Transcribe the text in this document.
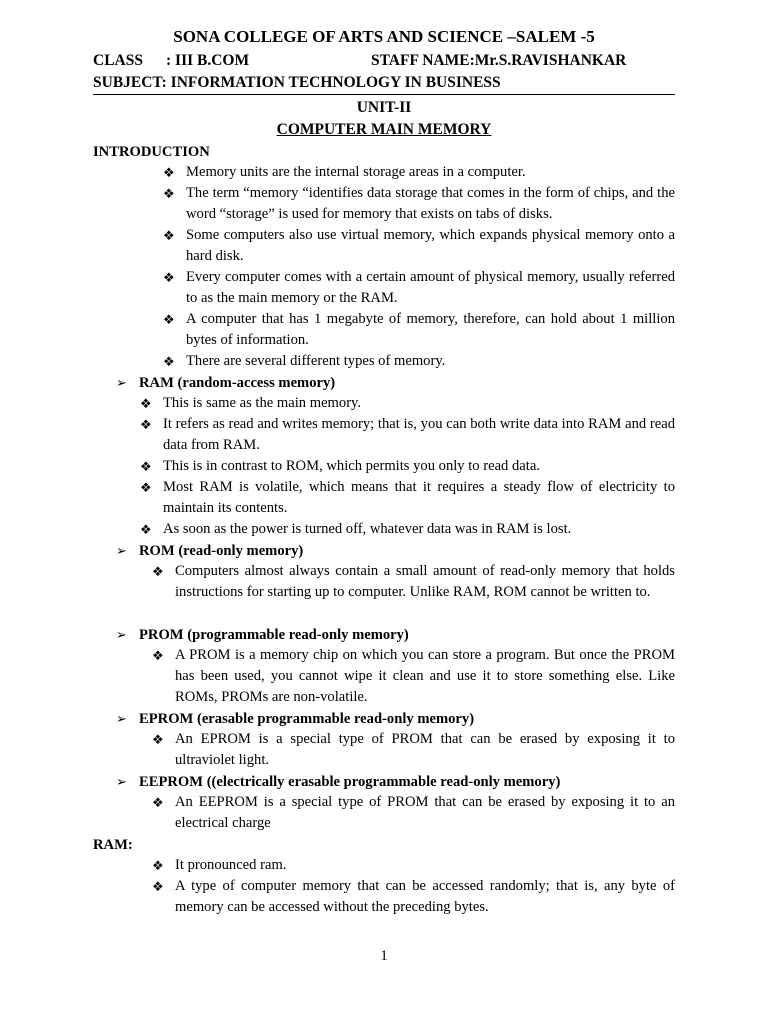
SONA COLLEGE OF ARTS AND SCIENCE –SALEM -5
CLASS : III B.COM	STAFF NAME:Mr.S.RAVISHANKAR
SUBJECT: INFORMATION TECHNOLOGY IN BUSINESS
UNIT-II
COMPUTER MAIN MEMORY
INTRODUCTION
❖ Memory units are the internal storage areas in a computer.
❖ The term “memory “identifies data storage that comes in the form of chips, and the word “storage” is used for memory that exists on tabs of disks.
❖ Some computers also use virtual memory, which expands physical memory onto a hard disk.
❖ Every computer comes with a certain amount of physical memory, usually referred to as the main memory or the RAM.
❖ A computer that has 1 megabyte of memory, therefore, can hold about 1 million bytes of information.
❖ There are several different types of memory.
➢ RAM (random-access memory)
❖ This is same as the main memory.
❖ It refers as read and writes memory; that is, you can both write data into RAM and read data from RAM.
❖ This is in contrast to ROM, which permits you only to read data.
❖ Most RAM is volatile, which means that it requires a steady flow of electricity to maintain its contents.
❖ As soon as the power is turned off, whatever data was in RAM is lost.
➢ ROM (read-only memory)
❖ Computers almost always contain a small amount of read-only memory that holds instructions for starting up to computer. Unlike RAM, ROM cannot be written to.
➢ PROM (programmable read-only memory)
❖ A PROM is a memory chip on which you can store a program. But once the PROM has been used, you cannot wipe it clean and use it to store something else. Like ROMs, PROMs are non-volatile.
➢ EPROM (erasable programmable read-only memory)
❖ An EPROM is a special type of PROM that can be erased by exposing it to ultraviolet light.
➢ EEPROM ((electrically erasable programmable read-only memory)
❖ An EEPROM is a special type of PROM that can be erased by exposing it to an electrical charge
RAM:
❖ It pronounced ram.
❖ A type of computer memory that can be accessed randomly; that is, any byte of memory can be accessed without the preceding bytes.
1
